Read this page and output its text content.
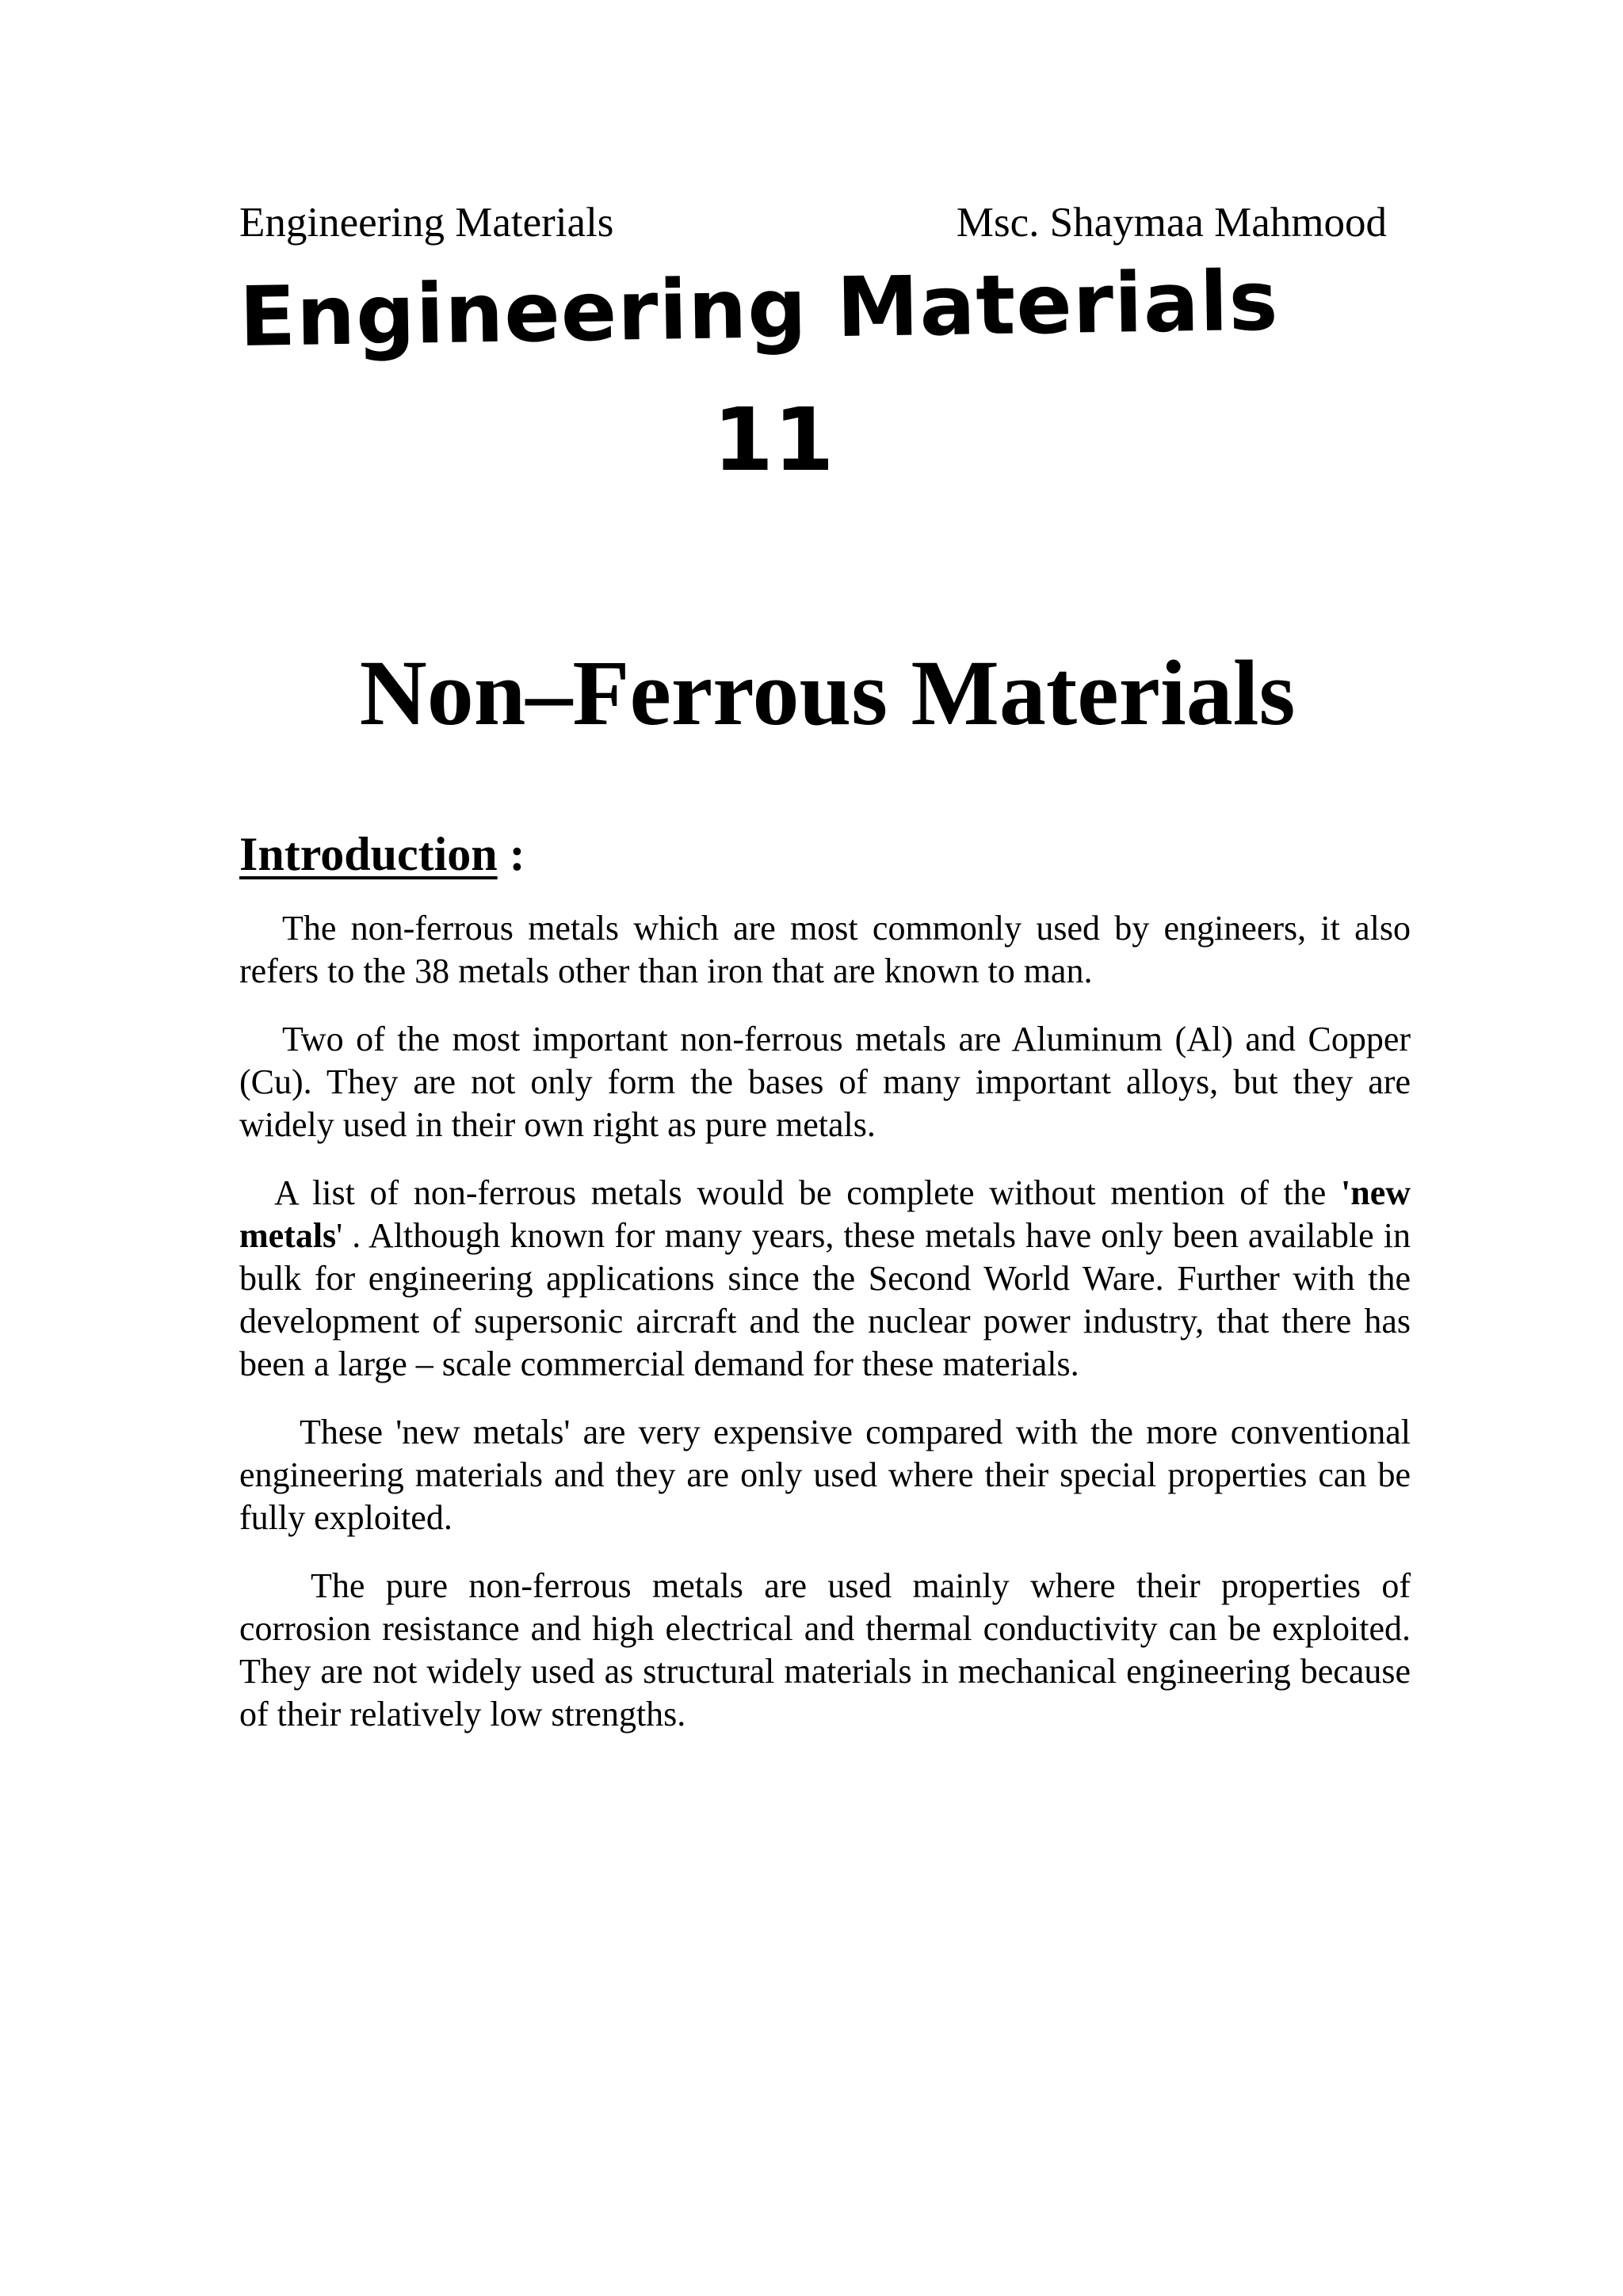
Engineering Materials	Msc. Shaymaa Mahmood
Engineering Materials
11
Non–Ferrous Materials
Introduction :

The non-ferrous metals which are most commonly used by engineers, it also refers to the 38 metals other than iron that are known to man.

Two of the most important non-ferrous metals are Aluminum (Al) and Copper (Cu). They are not only form the bases of many important alloys, but they are widely used in their own right as pure metals.

A list of non-ferrous metals would be complete without mention of the 'new metals' . Although known for many years, these metals have only been available in bulk for engineering applications since the Second World Ware. Further with the development of supersonic aircraft and the nuclear power industry, that there has been a large – scale commercial demand for these materials.

These 'new metals' are very expensive compared with the more conventional engineering materials and they are only used where their special properties can be fully exploited.

The pure non-ferrous metals are used mainly where their properties of corrosion resistance and high electrical and thermal conductivity can be exploited. They are not widely used as structural materials in mechanical engineering because of their relatively low strengths.
